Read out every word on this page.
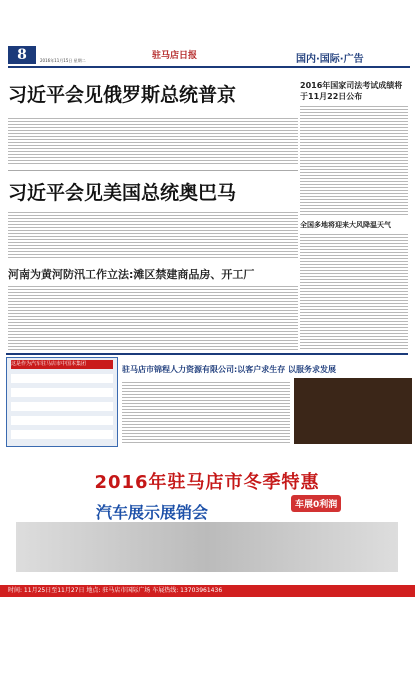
8	2016年11月15日 星期二	驻马店日报	国内·国际·广告
习近平会见俄罗斯总统普京
习近平会见美国总统奥巴马
河南为黄河防汛工作立法:滩区禁建商品房、开工厂
2016年国家司法考试成绩将于11月22日公布
全国多地将迎来大风降温天气
这是作为汽车驻马店市中国本集团
驻马店市锦程人力资源有限公司:以客户求生存 以服务求发展
2016年驻马店市冬季特惠
汽车展示展销会	车展0利润
时间: 11月25日至11月27日 地点: 驻马店市国际广场 车展热线: 13703961436
